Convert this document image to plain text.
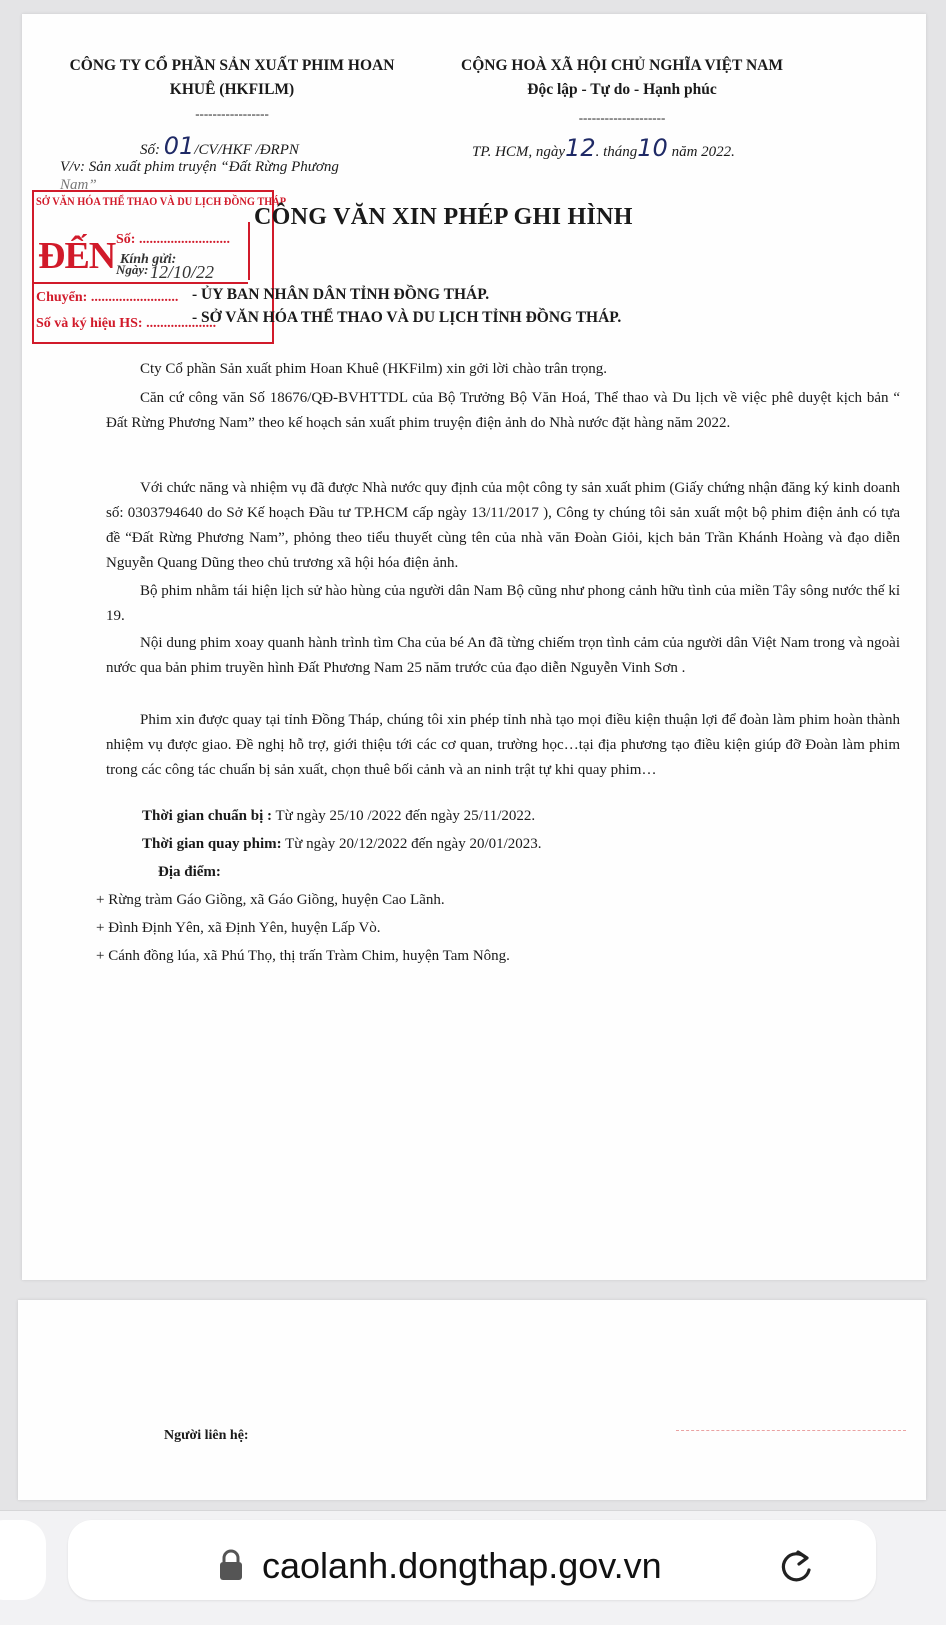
CÔNG TY CỔ PHẦN SẢN XUẤT PHIM HOAN
KHUÊ (HKFILM)
-----------------
CỘNG HOÀ XÃ HỘI CHỦ NGHĨA VIỆT NAM
Độc lập - Tự do - Hạnh phúc
--------------------
Số: 01/CV/HKF /ĐRPN	TP. HCM, ngày12. tháng10 năm 2022.
V/v: Sản xuất phim truyện “Đất Rừng Phương
Nam”
SỞ VĂN HÓA THỂ THAO VÀ DU LỊCH ĐỒNG THÁP
ĐẾN Số: ..........................
Ngày: 12/10/22
Chuyển: .........................
Số và ký hiệu HS: ....................
CÔNG VĂN XIN PHÉP GHI HÌNH
Kính gửi:
- ỦY BAN NHÂN DÂN TỈNH ĐỒNG THÁP.
- SỞ VĂN HÓA THỂ THAO VÀ DU LỊCH TỈNH ĐỒNG THÁP.
Cty Cổ phần Sản xuất phim Hoan Khuê (HKFilm) xin gởi lời chào trân trọng.
Căn cứ công văn Số 18676/QĐ-BVHTTDL của Bộ Trưởng Bộ Văn Hoá, Thể thao và Du lịch về việc phê duyệt kịch bản “ Đất Rừng Phương Nam” theo kế hoạch sản xuất phim truyện điện ảnh do Nhà nước đặt hàng năm 2022.
Với chức năng và nhiệm vụ đã được Nhà nước quy định của một công ty sản xuất phim (Giấy chứng nhận đăng ký kinh doanh số: 0303794640 do Sở Kế hoạch Đầu tư TP.HCM cấp ngày 13/11/2017 ), Công ty chúng tôi sản xuất một bộ phim điện ảnh có tựa đề “Đất Rừng Phương Nam”, phỏng theo tiểu thuyết cùng tên của nhà văn Đoàn Giỏi, kịch bản Trần Khánh Hoàng và đạo diễn Nguyễn Quang Dũng theo chủ trương xã hội hóa điện ảnh.
Bộ phim nhằm tái hiện lịch sử hào hùng của người dân Nam Bộ cũng như phong cảnh hữu tình của miền Tây sông nước thế kỉ 19.
Nội dung phim xoay quanh hành trình tìm Cha của bé An đã từng chiếm trọn tình cảm của người dân Việt Nam trong và ngoài nước qua bản phim truyền hình Đất Phương Nam 25 năm trước của đạo diễn Nguyễn Vinh Sơn .
Phim xin được quay tại tỉnh Đồng Tháp, chúng tôi xin phép tỉnh nhà tạo mọi điều kiện thuận lợi để đoàn làm phim hoàn thành nhiệm vụ được giao. Đề nghị hỗ trợ, giới thiệu tới các cơ quan, trường học…tại địa phương tạo điều kiện giúp đỡ Đoàn làm phim trong các công tác chuẩn bị sản xuất, chọn thuê bối cảnh và an ninh trật tự khi quay phim…
Thời gian chuẩn bị : Từ ngày 25/10 /2022 đến ngày 25/11/2022.
Thời gian quay phim: Từ ngày 20/12/2022 đến ngày 20/01/2023.
Địa điểm:
+ Rừng tràm Gáo Giồng, xã Gáo Giồng, huyện Cao Lãnh.
+ Đình Định Yên, xã Định Yên, huyện Lấp Vò.
+ Cánh đồng lúa, xã Phú Thọ, thị trấn Tràm Chim, huyện Tam Nông.
Người liên hệ:
caolanh.dongthap.gov.vn
